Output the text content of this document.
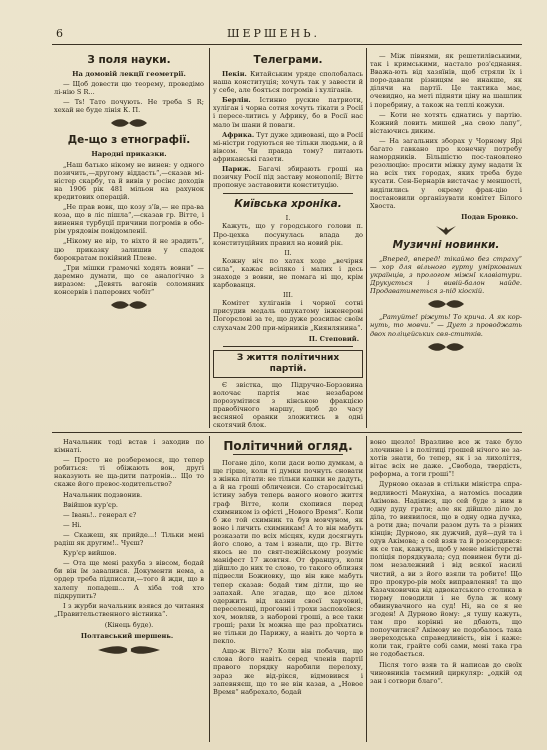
6	ШЕРШЕНЬ.
З поля науки.
На домовій лекції геометрії.

— Щоб довести цю теорему, проведімо лі-нію S R...

— Ts! Тато почують. Не треба S R; хехай не буде лінія К. П.

Де-що з етнографії.
Народні приказки.

„Наш батько нікому не винен: у одного позичить,—другому віддасть“,—сказав мі-ністер скарбу, та й вивів у росінс доходів на 1906 рік 481 мільон на рахунок кредитових операцій.

„Не прав вовк, що козу з'їв,— не пра-ва коза, що в ліс пішла“,—сказав гр. Вітте, і винення турбуції причини погромів в обо-рім урядовім повідомленії.

„Нікому не вір, то ніхто й не зрадить“, цю приказку залишив у спадок бюрократам покійний Плеве.

„Три мішки грамочкі ходять вовни“ — даремно думати, що се аналогічно з виразом: „Девять вагонів соломяних консервів і паперових чобіт“

Телеграми.

Пекін. Китайським уряде сполобалась наша конституція; хочуть так у завести й у себе, але бояться погромів і хуліганів.

Берлін. Істинно руские патриоти, хуліган і чорна сотня хочуть тікати з Росії і пересе-литись у Африку, бо в Росії нас мало їм шани й поваги.

Африка. Тут дуже здивовані, що в Росії мі-ністри годуються не тільки людьми, а й вівсом. Чи правда тому? питають африканські газети.

Париж. Багачі збирають гроші на позичку Росії під заставу монополії; Вітте пропонує заставовити конституцію.

Київська хроніка.
I.

Кажуть, що у городського голови п. Про-цехка посунулась влада до конституційних правил на новий рік.

II.

Кожну ніч по хатах ходе „вечірня сила“, кажає всіляко і малих і десь знаходе з вовни, не помага ні що, крім карбованця.

III.

Комітет хуліганів і чорної сотні присудив медаль ошукатому інженерові Погорєлові за те, що дуже розсипає своїм слухачам 200 при-мірників „Киянлянина“.

П. Степовий.
З життя політичних партій.

Є звістка, що Підручно-Борзовина волочає партія має незабаром порозумітися з кінською фракцією правобічного маршу, щоб до часу вєсняної оранки зложитись в одні скотячий блок.

— Між півнями, як решетилівськими, так і кримськими, настало роз'єднання. Вважа-ють від хазяїнів, щоб стряли їх і поро-давали різницям не инакше, як ділячи на партії. Це тактика має, очевидно, на меті підняти ціну на шашлик і поребрину, а також на теплі кожухи.

— Коти не хотять єднатись у партію. Кожний ловить мишей „на свою лапу“, вістаючись диким.

— На загальних зборах у Чорному Ярі багато гавкано про конечну потребу намордників. Більшістю пос-тановлено резолюцію: просити міжку думу надати їх на всіх тих городах, яких треба буде кусати. Сен-Бернарів вистачає у меншості, виділились у окрему фрак-цію і постановили організувати комітет Білого Хвоста.

Подав Бровко.
Музичні новинки.

„Вперед, вперед! тікаймо без страху“ — хор для вільного гурту уміркованих українців, з прологом міжнї клавіатури. Друкується і вивій-балон найде. Продаватиметься з-під кіоскій.

„Ратуйте! ріжуть! То крича. А як кор-нуть, то мовчи.“ — Дует з проводжать двох поліцейських свя-ститків.

Начальник тоді встав і заходив по кімнаті.

— Просто не розберемося, що тепер робиться: ті обіжають вон, другі наказують не ща-дити патронів... Що то скаже його превос-ходительство?

Начальник подзвонив.

Ввійшов кур'єр.

— Івань!.. генерал є?

— Ні.

— Скажеш, як прийде...! Тільки мені радіш як другим!.. Чуєш?

Кур'єр вийшов.

— Ота ще мені рахуба з вівсом, бодай би він їм завалився. Документи нема, а ордер треба підписати,—того й жди, що в халепу попадеш... А хіба той хто підкрупить?

І з журби начальник взявся до читання „Правительственного вістника“.

(Кінець буде).
Полтавський шершень.
Політичний огляд.

Погане діло, коли даси волю думкам, а ще гірше, коли ті думки почнуть сновати з жінка літати: не тільки кашки не дадуть, а й на гроші обличеиси. Со старосвітські істину забув теперь ваного нового життя граф Вітте, коли схопився перед схимником із офісті „Нового Время“. Коли б же той схимник та був мовчуном, як воно і личить схимникам! А то він мабуть розказати по всіх місцях, куди досягнуть його слово, а там і взнали, що гр. Вітте якось не по свят-пежійському розуміє маніфест 17 жовтня. От француз, коли дійшло до них те слово, то такого облизня підвесли Божиовку, що він вже мабуть тепер сказав: бодай тим дітли, що не запахай. Але згадав, що все ділом одержить від казни своєї харчовиі, переселенці, прогонні і трохи заспокоївся: хоч, мовляв, з наборові гроші, а все таки гроші; рахи їх можна ще раз проїхатись не тільки до Парижу, а навіть до чорта в пекло.

Ащо-ж Вітте? Коли він побачив, що слова його навіть серед членів партії правого порядку наробили перелоху, зараз же від-рікся, відмовився і запевняєш, що то не він казав, а „Новое Время“ набрехало, бодай

воно щезло! Вразливе все ж таке було злочинне і в політиці грошей нічого не за-хотів знати, бо тепер, як і за лихоліття, вітає всіх не даже. „Свобода, твердість, реформа, а тоги гроші“!

Дурново оказав в стільки міністра спра-ведливості Манухіна, а натомісь посадив Акімова. Надіявся, що сей буде з ним в одну дуду грати; але як дійшло діло до діла, то виявилося, що в одну одна дучка, а роти два; почали разом дуть та з різних кінців; Дурново, як дужчий, дуй—дуй та і одув Акімова; а сей взяв та й розсердився: як се так, кажуть, щоб у мене міністерстві поліція порядкувала; суд повинен бути ді-лом незалежний і від всякої насилі чистий, а ви з його взяли та робите! Що про прокуро-рів моїх виправлення! та що Казачковичка від адвокатського столика в тюрму поводили і не була ж кому обвинувачного на суд! Ні, на се я не згоден! А Дурново йому: „я тушу кажуть, там про корінні не дбають, що попоучитися? Акімову не подобалось така звереходська справедливість, він і каже: коли так, грайте собі сами, мені така гра не годобається.

Після того взяв та й написав до своїх чиновників таємний циркуляр: „одкій од зан і сотвори благо“.
